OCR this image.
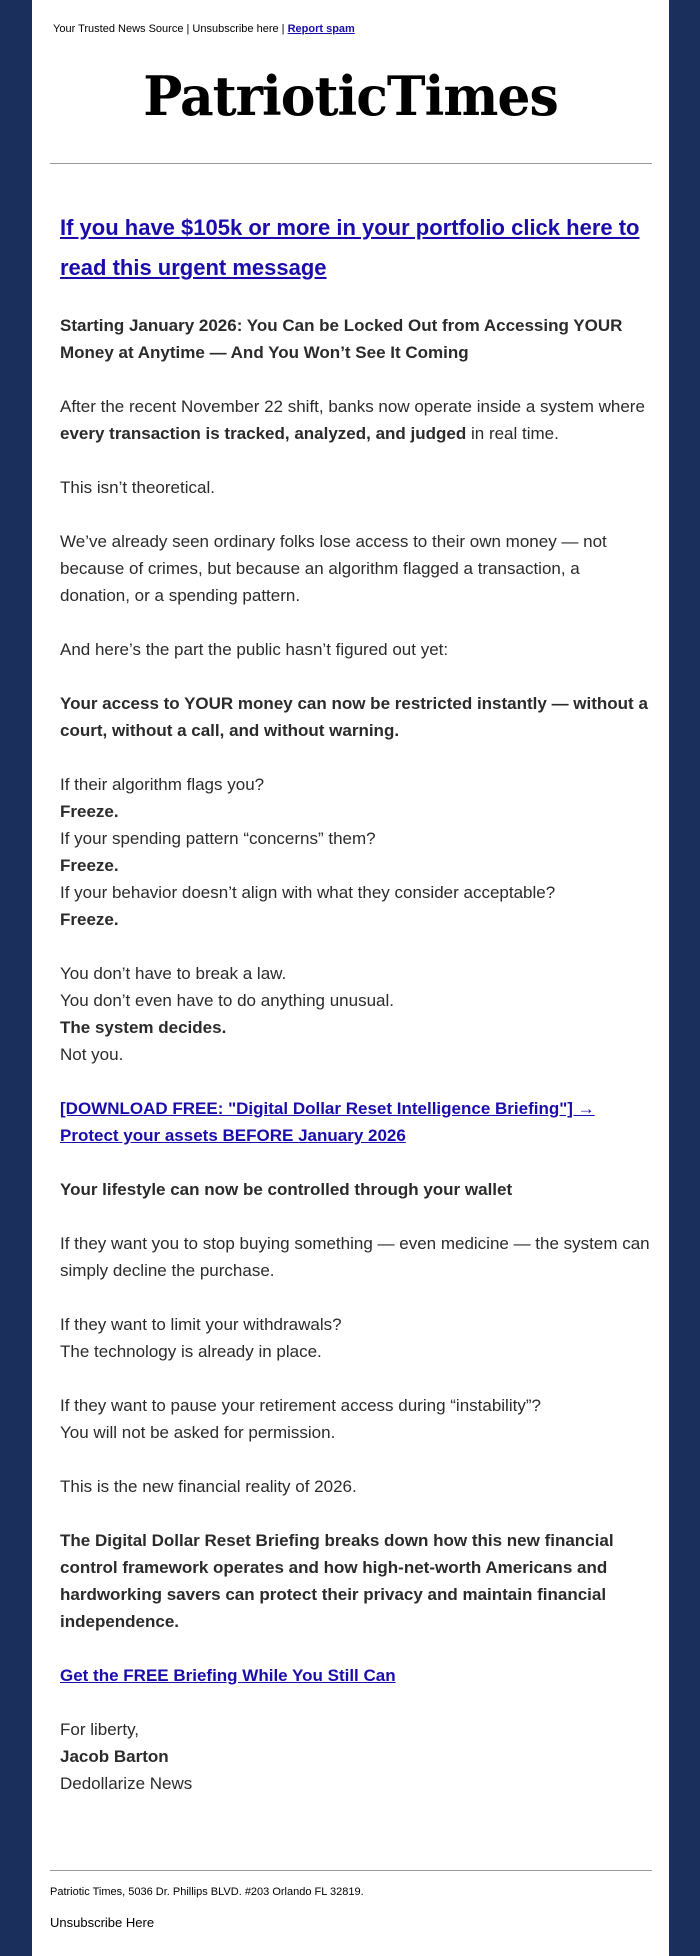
Your Trusted News Source | Unsubscribe here | Report spam
PatrioticTimes
If you have $105k or more in your portfolio click here to read this urgent message

Starting January 2026: You Can be Locked Out from Accessing YOUR Money at Anytime — And You Won’t See It Coming

After the recent November 22 shift, banks now operate inside a system where every transaction is tracked, analyzed, and judged in real time.

This isn’t theoretical.

We’ve already seen ordinary folks lose access to their own money — not because of crimes, but because an algorithm flagged a transaction, a donation, or a spending pattern.

And here’s the part the public hasn’t figured out yet:

Your access to YOUR money can now be restricted instantly — without a court, without a call, and without warning.

If their algorithm flags you?
Freeze.
If your spending pattern “concerns” them?
Freeze.
If your behavior doesn’t align with what they consider acceptable?
Freeze.

You don’t have to break a law.
You don’t even have to do anything unusual.
The system decides.
Not you.

[DOWNLOAD FREE: "Digital Dollar Reset Intelligence Briefing"] → Protect your assets BEFORE January 2026

Your lifestyle can now be controlled through your wallet

If they want you to stop buying something — even medicine — the system can simply decline the purchase.

If they want to limit your withdrawals?
The technology is already in place.

If they want to pause your retirement access during “instability”?
You will not be asked for permission.

This is the new financial reality of 2026.

The Digital Dollar Reset Briefing breaks down how this new financial control framework operates and how high-net-worth Americans and hardworking savers can protect their privacy and maintain financial independence.

Get the FREE Briefing While You Still Can

For liberty,
Jacob Barton
Dedollarize News

Patriotic Times, 5036 Dr. Phillips BLVD. #203 Orlando FL 32819.
Unsubscribe Here
